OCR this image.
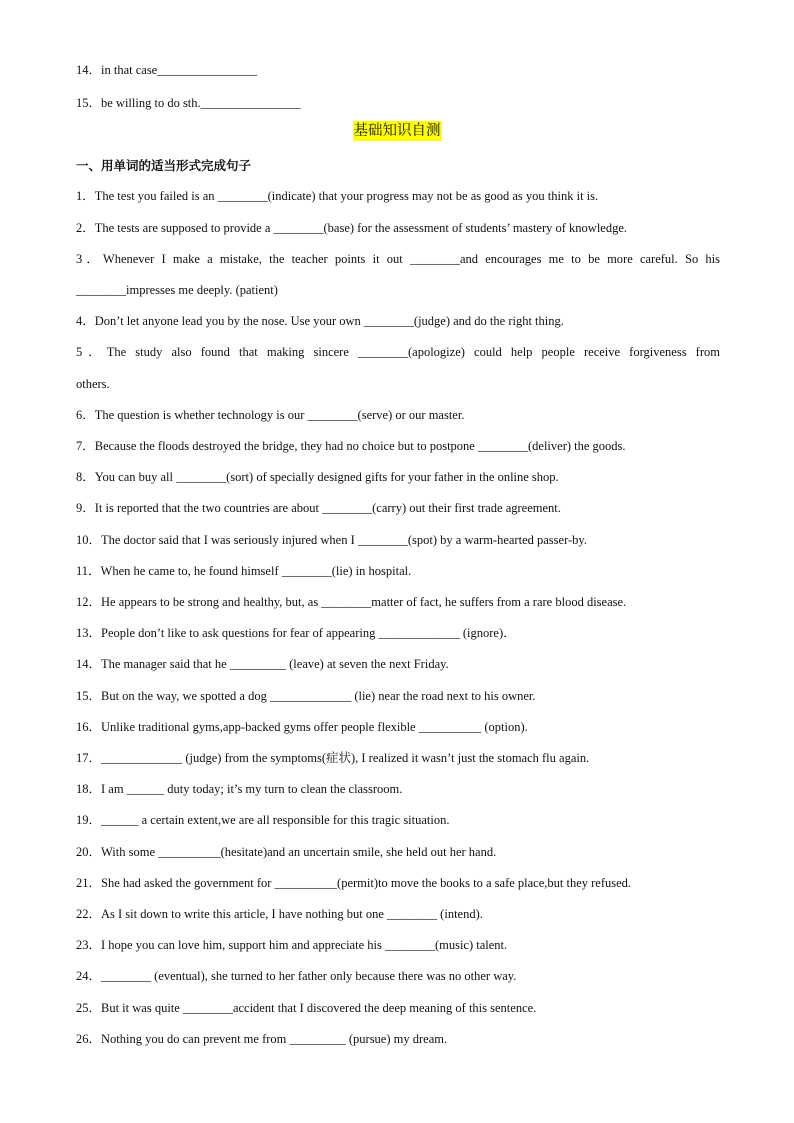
14．in that case________________
15．be willing to do sth.________________
基础知识自测
一、用单词的适当形式完成句子
1．The test you failed is an ________(indicate) that your progress may not be as good as you think it is.
2．The tests are supposed to provide a ________(base) for the assessment of students’ mastery of knowledge.
3．Whenever I make a mistake, the teacher points it out ________and encourages me to be more careful. So his
________impresses me deeply. (patient)
4．Don’t let anyone lead you by the nose. Use your own ________(judge) and do the right thing.
5．The study also found that making sincere ________(apologize) could help people receive forgiveness from
others.
6．The question is whether technology is our ________(serve) or our master.
7．Because the floods destroyed the bridge, they had no choice but to postpone ________(deliver) the goods.
8．You can buy all ________(sort) of specially designed gifts for your father in the online shop.
9．It is reported that the two countries are about ________(carry) out their first trade agreement.
10．The doctor said that I was seriously injured when I ________(spot) by a warm-hearted passer-by.
11．When he came to, he found himself ________(lie) in hospital.
12．He appears to be strong and healthy, but, as ________matter of fact, he suffers from a rare blood disease.
13．People don’t like to ask questions for fear of appearing _____________ (ignore)．
14．The manager said that he _________ (leave) at seven the next Friday.
15．But on the way, we spotted a dog _____________ (lie) near the road next to his owner.
16．Unlike traditional gyms,app-backed gyms offer people flexible __________ (option).
17．_____________ (judge) from the symptoms(症状), I realized it wasn’t just the stomach flu again.
18．I am ______ duty today; it’s my turn to clean the classroom.
19．______ a certain extent,we are all responsible for this tragic situation.
20．With some __________(hesitate)and an uncertain smile, she held out her hand.
21．She had asked the government for __________(permit)to move the books to a safe place,but they refused.
22．As I sit down to write this article, I have nothing but one ________ (intend).
23．I hope you can love him, support him and appreciate his ________(music) talent.
24．________ (eventual), she turned to her father only because there was no other way.
25．But it was quite ________accident that I discovered the deep meaning of this sentence.
26．Nothing you do can prevent me from _________ (pursue) my dream.
